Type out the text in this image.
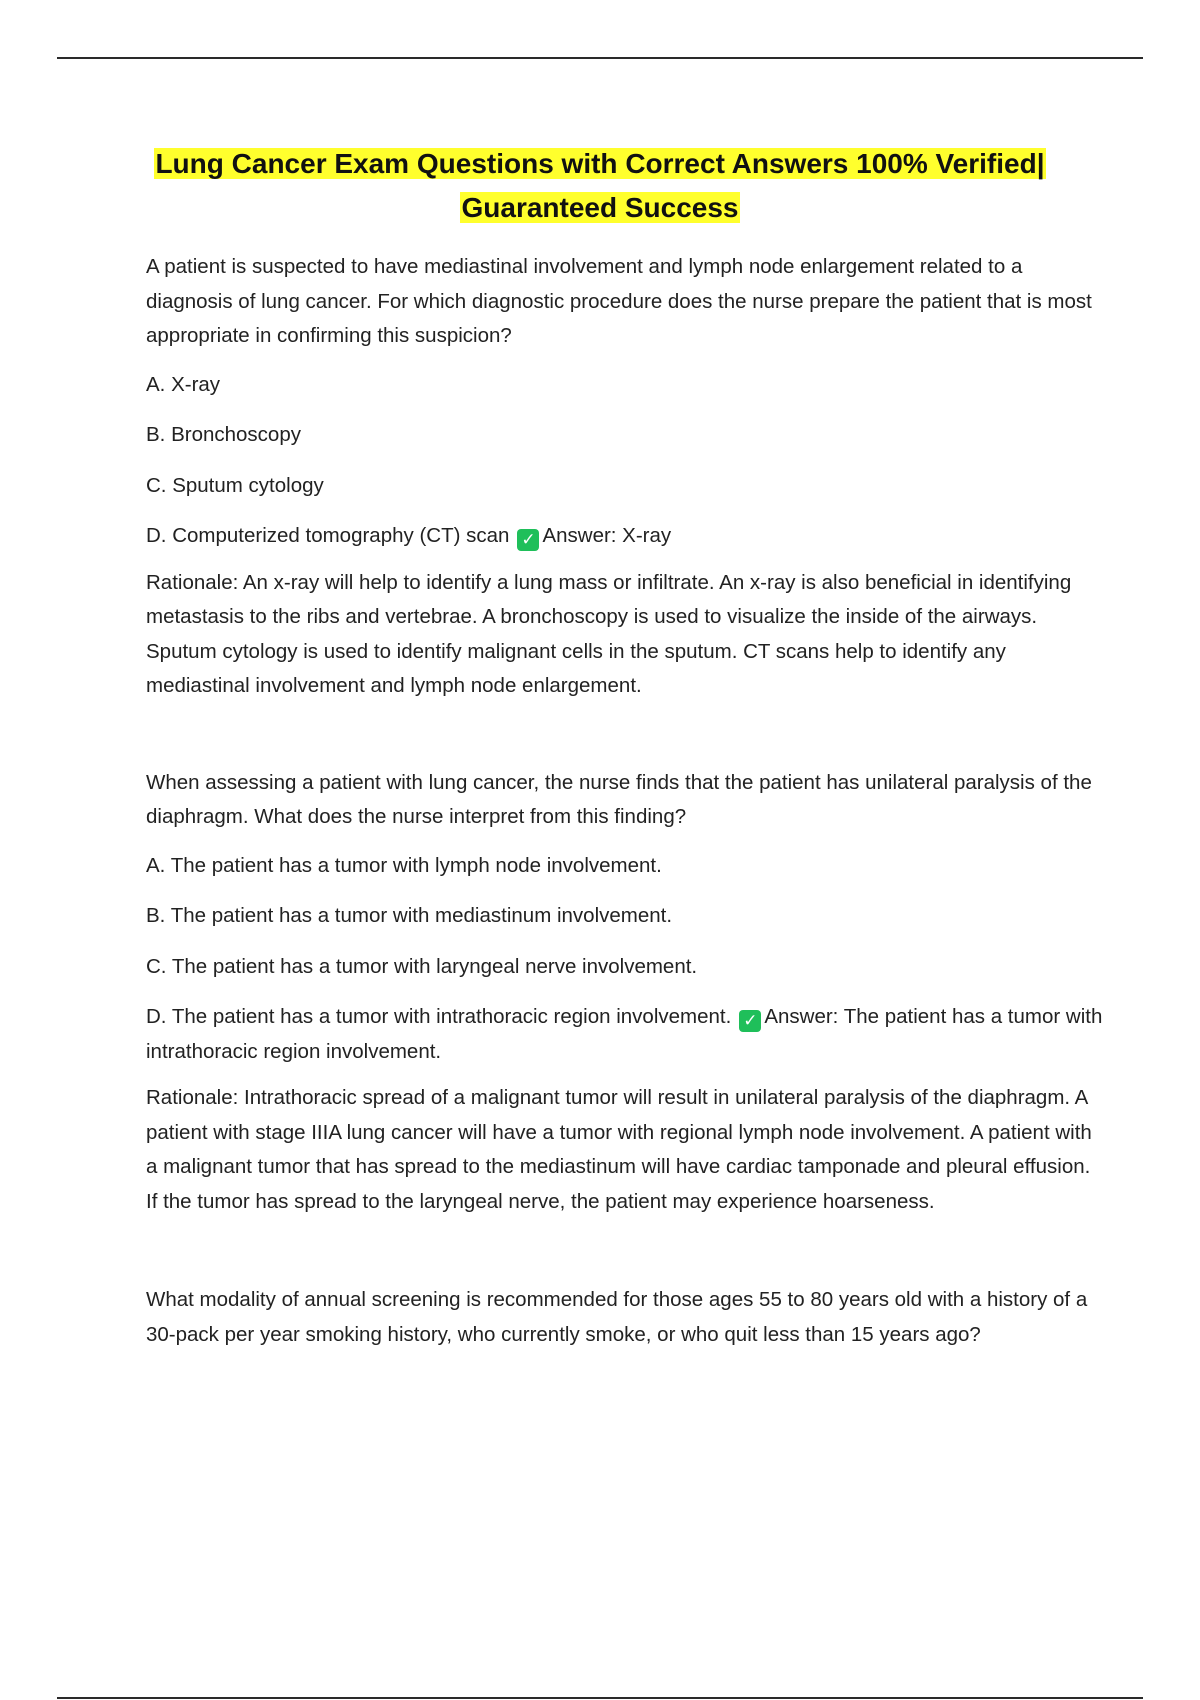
Lung Cancer Exam Questions with Correct Answers 100% Verified| Guaranteed Success

A patient is suspected to have mediastinal involvement and lymph node enlargement related to a diagnosis of lung cancer. For which diagnostic procedure does the nurse prepare the patient that is most appropriate in confirming this suspicion?

A. X-ray

B. Bronchoscopy

C. Sputum cytology

D. Computerized tomography (CT) scan ✓ Answer: X-ray

Rationale: An x-ray will help to identify a lung mass or infiltrate. An x-ray is also beneficial in identifying metastasis to the ribs and vertebrae. A bronchoscopy is used to visualize the inside of the airways. Sputum cytology is used to identify malignant cells in the sputum. CT scans help to identify any mediastinal involvement and lymph node enlargement.

When assessing a patient with lung cancer, the nurse finds that the patient has unilateral paralysis of the diaphragm. What does the nurse interpret from this finding?

A. The patient has a tumor with lymph node involvement.

B. The patient has a tumor with mediastinum involvement.

C. The patient has a tumor with laryngeal nerve involvement.

D. The patient has a tumor with intrathoracic region involvement. ✓ Answer: The patient has a tumor with intrathoracic region involvement.

Rationale: Intrathoracic spread of a malignant tumor will result in unilateral paralysis of the diaphragm. A patient with stage IIIA lung cancer will have a tumor with regional lymph node involvement. A patient with a malignant tumor that has spread to the mediastinum will have cardiac tamponade and pleural effusion. If the tumor has spread to the laryngeal nerve, the patient may experience hoarseness.

What modality of annual screening is recommended for those ages 55 to 80 years old with a history of a 30-pack per year smoking history, who currently smoke, or who quit less than 15 years ago?
